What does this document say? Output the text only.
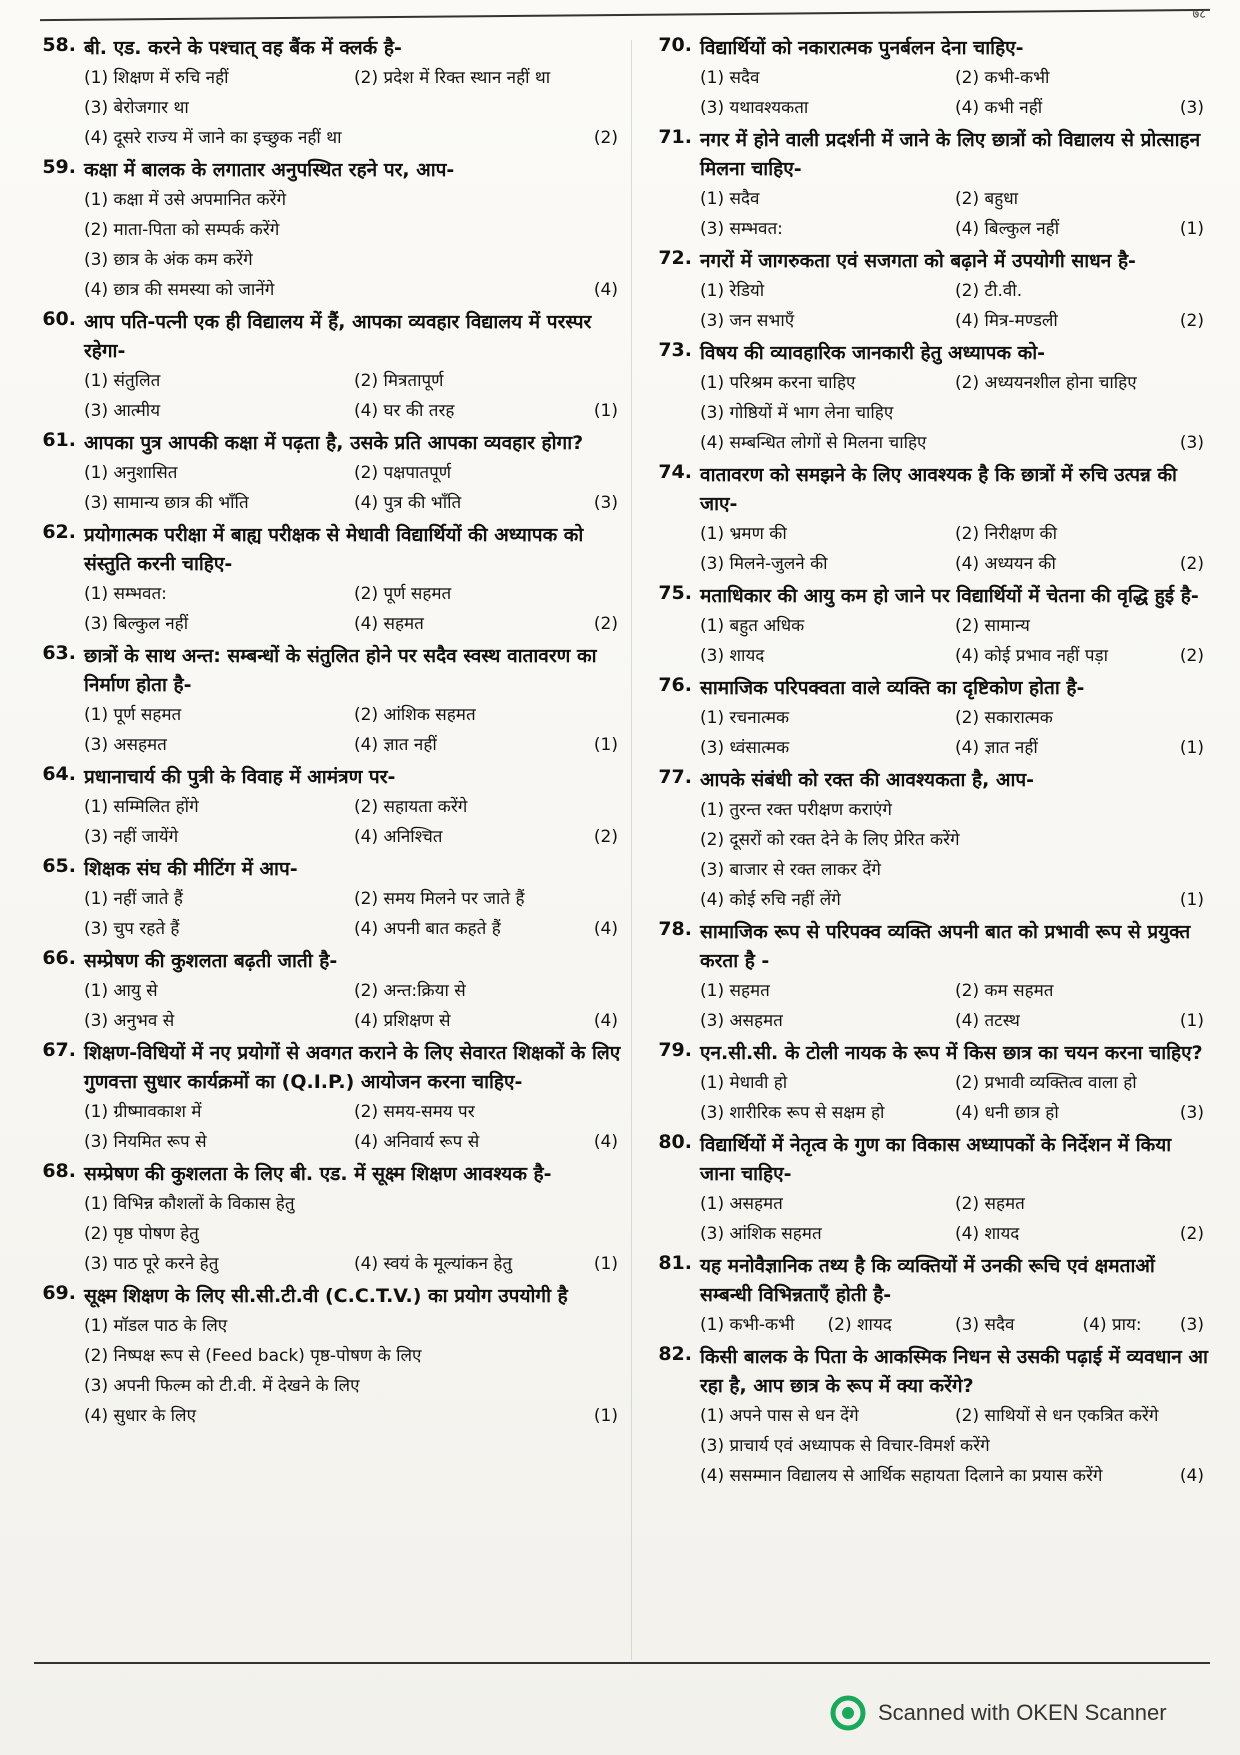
७८
58. बी. एड. करने के पश्चात् वह बैंक में क्लर्क है-
(1) शिक्षण में रुचि नहीं	(2) प्रदेश में रिक्त स्थान नहीं था
(3) बेरोजगार था
(4) दूसरे राज्य में जाने का इच्छुक नहीं था	(2)
59. कक्षा में बालक के लगातार अनुपस्थित रहने पर, आप-
(1) कक्षा में उसे अपमानित करेंगे
(2) माता-पिता को सम्पर्क करेंगे
(3) छात्र के अंक कम करेंगे
(4) छात्र की समस्या को जानेंगे	(4)
60. आप पति-पत्नी एक ही विद्यालय में हैं, आपका व्यवहार विद्यालय में परस्पर रहेगा-
(1) संतुलित	(2) मित्रतापूर्ण
(3) आत्मीय	(4) घर की तरह	(1)
61. आपका पुत्र आपकी कक्षा में पढ़ता है, उसके प्रति आपका व्यवहार होगा?
(1) अनुशासित	(2) पक्षपातपूर्ण
(3) सामान्य छात्र की भाँति	(4) पुत्र की भाँति	(3)
62. प्रयोगात्मक परीक्षा में बाह्य परीक्षक से मेधावी विद्यार्थियों की अध्यापक को संस्तुति करनी चाहिए-
(1) सम्भवत:	(2) पूर्ण सहमत
(3) बिल्कुल नहीं	(4) सहमत	(2)
63. छात्रों के साथ अन्त: सम्बन्धों के संतुलित होने पर सदैव स्वस्थ वातावरण का निर्माण होता है-
(1) पूर्ण सहमत	(2) आंशिक सहमत
(3) असहमत	(4) ज्ञात नहीं	(1)
64. प्रधानाचार्य की पुत्री के विवाह में आमंत्रण पर-
(1) सम्मिलित होंगे	(2) सहायता करेंगे
(3) नहीं जायेंगे	(4) अनिश्चित	(2)
65. शिक्षक संघ की मीटिंग में आप-
(1) नहीं जाते हैं	(2) समय मिलने पर जाते हैं
(3) चुप रहते हैं	(4) अपनी बात कहते हैं	(4)
66. सम्प्रेषण की कुशलता बढ़ती जाती है-
(1) आयु से	(2) अन्त:क्रिया से
(3) अनुभव से	(4) प्रशिक्षण से	(4)
67. शिक्षण-विधियों में नए प्रयोगों से अवगत कराने के लिए सेवारत शिक्षकों के लिए गुणवत्ता सुधार कार्यक्रमों का (Q.I.P.) आयोजन करना चाहिए-
(1) ग्रीष्मावकाश में	(2) समय-समय पर
(3) नियमित रूप से	(4) अनिवार्य रूप से	(4)
68. सम्प्रेषण की कुशलता के लिए बी. एड. में सूक्ष्म शिक्षण आवश्यक है-
(1) विभिन्न कौशलों के विकास हेतु
(2) पृष्ठ पोषण हेतु
(3) पाठ पूरे करने हेतु	(4) स्वयं के मूल्यांकन हेतु	(1)
69. सूक्ष्म शिक्षण के लिए सी.सी.टी.वी (C.C.T.V.) का प्रयोग उपयोगी है
(1) मॉडल पाठ के लिए
(2) निष्पक्ष रूप से (Feed back) पृष्ठ-पोषण के लिए
(3) अपनी फिल्म को टी.वी. में देखने के लिए
(4) सुधार के लिए	(1)
70. विद्यार्थियों को नकारात्मक पुनर्बलन देना चाहिए-
(1) सदैव	(2) कभी-कभी
(3) यथावश्यकता	(4) कभी नहीं	(3)
71. नगर में होने वाली प्रदर्शनी में जाने के लिए छात्रों को विद्यालय से प्रोत्साहन मिलना चाहिए-
(1) सदैव	(2) बहुधा
(3) सम्भवत:	(4) बिल्कुल नहीं	(1)
72. नगरों में जागरुकता एवं सजगता को बढ़ाने में उपयोगी साधन है-
(1) रेडियो	(2) टी.वी.
(3) जन सभाएँ	(4) मित्र-मण्डली	(2)
73. विषय की व्यावहारिक जानकारी हेतु अध्यापक को-
(1) परिश्रम करना चाहिए	(2) अध्ययनशील होना चाहिए
(3) गोष्ठियों में भाग लेना चाहिए
(4) सम्बन्धित लोगों से मिलना चाहिए	(3)
74. वातावरण को समझने के लिए आवश्यक है कि छात्रों में रुचि उत्पन्न की जाए-
(1) भ्रमण की	(2) निरीक्षण की
(3) मिलने-जुलने की	(4) अध्ययन की	(2)
75. मताधिकार की आयु कम हो जाने पर विद्यार्थियों में चेतना की वृद्धि हुई है-
(1) बहुत अधिक	(2) सामान्य
(3) शायद	(4) कोई प्रभाव नहीं पड़ा	(2)
76. सामाजिक परिपक्वता वाले व्यक्ति का दृष्टिकोण होता है-
(1) रचनात्मक	(2) सकारात्मक
(3) ध्वंसात्मक	(4) ज्ञात नहीं	(1)
77. आपके संबंधी को रक्त की आवश्यकता है, आप-
(1) तुरन्त रक्त परीक्षण कराएंगे
(2) दूसरों को रक्त देने के लिए प्रेरित करेंगे
(3) बाजार से रक्त लाकर देंगे
(4) कोई रुचि नहीं लेंगे	(1)
78. सामाजिक रूप से परिपक्व व्यक्ति अपनी बात को प्रभावी रूप से प्रयुक्त करता है -
(1) सहमत	(2) कम सहमत
(3) असहमत	(4) तटस्थ	(1)
79. एन.सी.सी. के टोली नायक के रूप में किस छात्र का चयन करना चाहिए?
(1) मेधावी हो	(2) प्रभावी व्यक्तित्व वाला हो
(3) शारीरिक रूप से सक्षम हो	(4) धनी छात्र हो	(3)
80. विद्यार्थियों में नेतृत्व के गुण का विकास अध्यापकों के निर्देशन में किया जाना चाहिए-
(1) असहमत	(2) सहमत
(3) आंशिक सहमत	(4) शायद	(2)
81. यह मनोवैज्ञानिक तथ्य है कि व्यक्तियों में उनकी रूचि एवं क्षमताओं सम्बन्धी विभिन्नताएँ होती है-
(1) कभी-कभी	(2) शायद	(3) सदैव	(4) प्राय:	(3)
82. किसी बालक के पिता के आकस्मिक निधन से उसकी पढ़ाई में व्यवधान आ रहा है, आप छात्र के रूप में क्या करेंगे?
(1) अपने पास से धन देंगे	(2) साथियों से धन एकत्रित करेंगे
(3) प्राचार्य एवं अध्यापक से विचार-विमर्श करेंगे
(4) ससम्मान विद्यालय से आर्थिक सहायता दिलाने का प्रयास करेंगे	(4)
Scanned with OKEN Scanner
